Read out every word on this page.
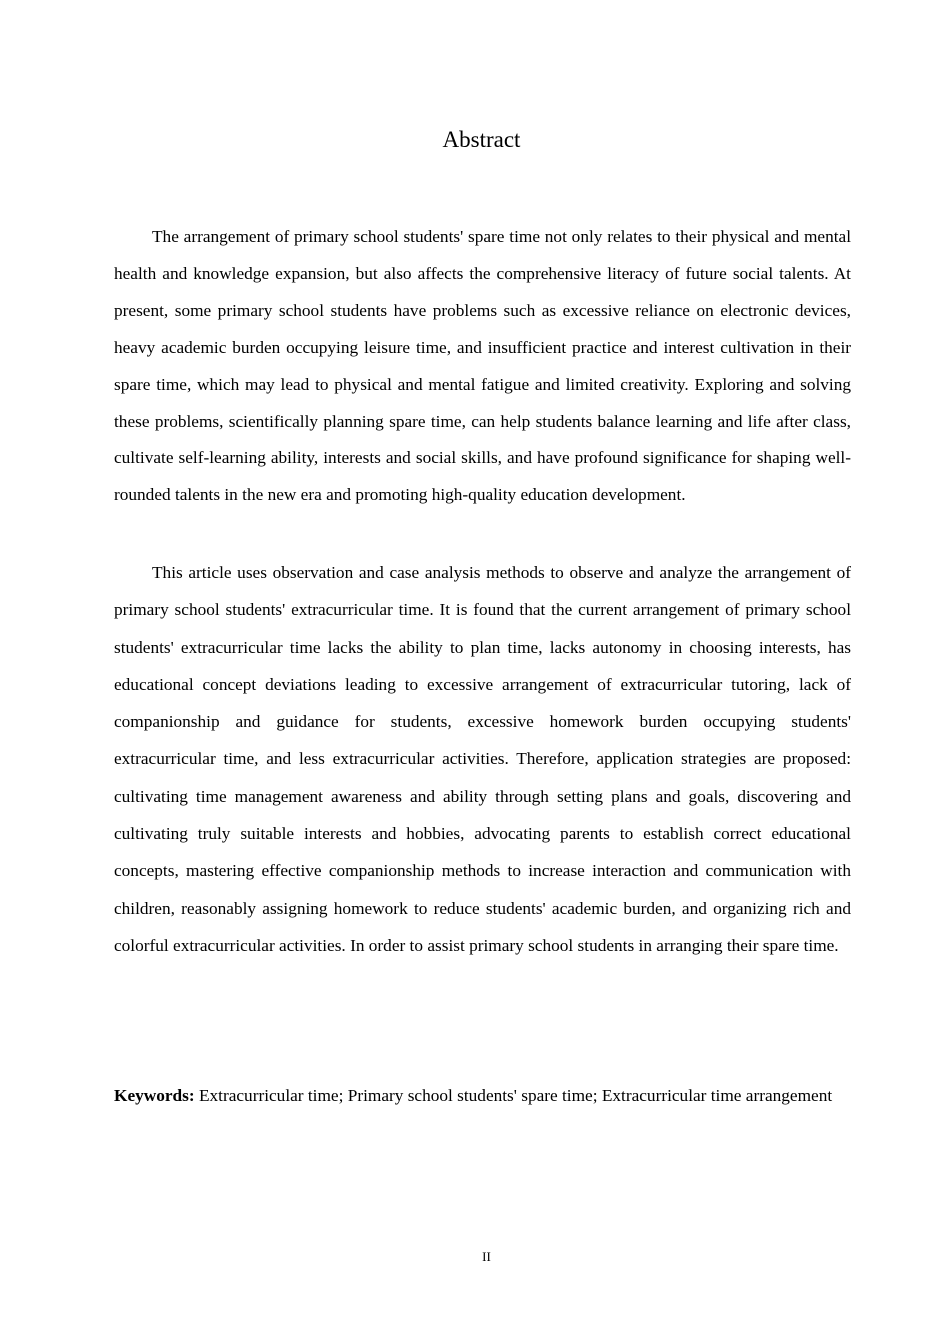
Abstract

The arrangement of primary school students' spare time not only relates to their physical and mental health and knowledge expansion, but also affects the comprehensive literacy of future social talents. At present, some primary school students have problems such as excessive reliance on electronic devices, heavy academic burden occupying leisure time, and insufficient practice and interest cultivation in their spare time, which may lead to physical and mental fatigue and limited creativity. Exploring and solving these problems, scientifically planning spare time, can help students balance learning and life after class, cultivate self-learning ability, interests and social skills, and have profound significance for shaping well-rounded talents in the new era and promoting high-quality education development.

This article uses observation and case analysis methods to observe and analyze the arrangement of primary school students' extracurricular time. It is found that the current arrangement of primary school students' extracurricular time lacks the ability to plan time, lacks autonomy in choosing interests, has educational concept deviations leading to excessive arrangement of extracurricular tutoring, lack of companionship and guidance for students, excessive homework burden occupying students' extracurricular time, and less extracurricular activities. Therefore, application strategies are proposed: cultivating time management awareness and ability through setting plans and goals, discovering and cultivating truly suitable interests and hobbies, advocating parents to establish correct educational concepts, mastering effective companionship methods to increase interaction and communication with children, reasonably assigning homework to reduce students' academic burden, and organizing rich and colorful extracurricular activities. In order to assist primary school students in arranging their spare time.

Keywords: Extracurricular time; Primary school students' spare time; Extracurricular time arrangement

II
